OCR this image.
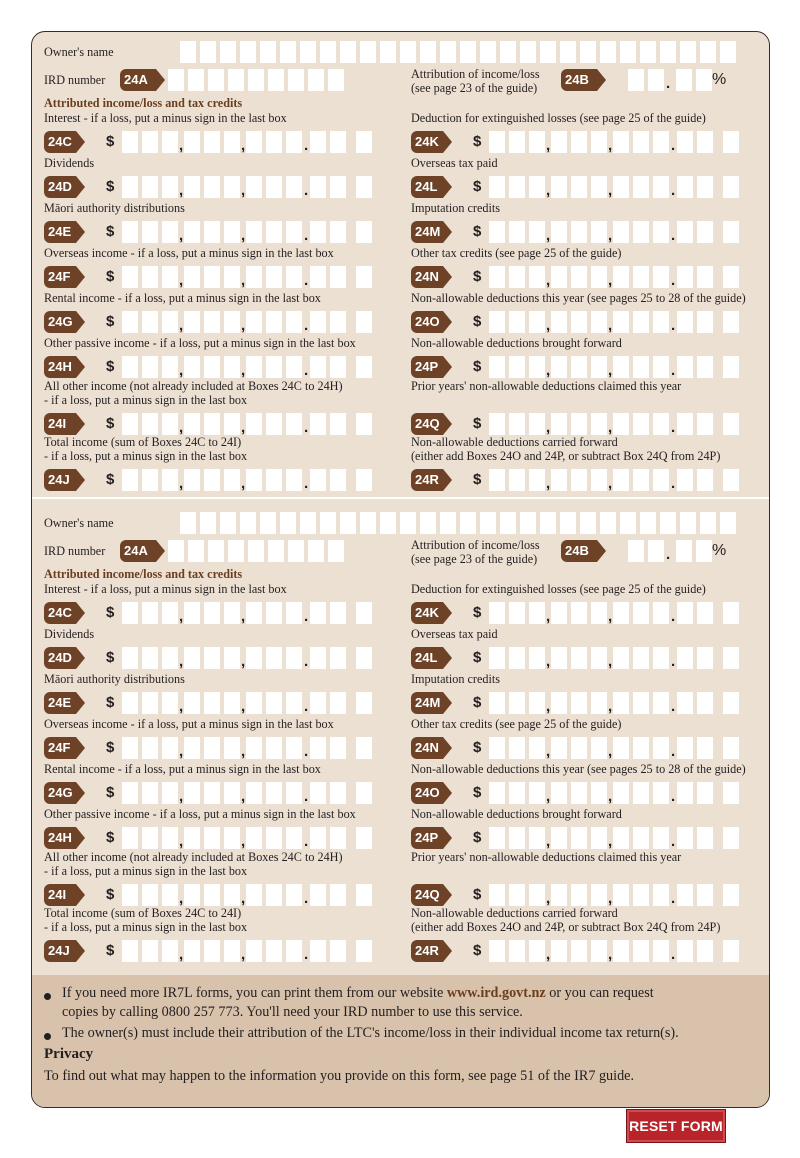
Owner's name
IRD number	24A	Attribution of income/loss
(see page 23 of the guide)
24B	.	%
Attributed income/loss and tax credits
Interest - if a loss, put a minus sign in the last box
24C $	,	,	.
Dividends
24D $	,	,	.
Māori authority distributions
24E	$	,	,	.
Overseas income - if a loss, put a minus sign in the last box
24F	$	,	,	.
Rental income - if a loss, put a minus sign in the last box
24G $	,	,	.
Other passive income - if a loss, put a minus sign in the last box
24H $	,	,	.
All other income (not already included at Boxes 24C to 24H)
- if a loss, put a minus sign in the last box
24I	$	,	,	.
Total income (sum of Boxes 24C to 24I)
- if a loss, put a minus sign in the last box
24J	$	,	,	.
Deduction for extinguished losses (see page 25 of the guide)
24K $	,	,	.
Overseas tax paid
24L	$	,	,	.
Imputation credits
24M $	,	,	.
Other tax credits (see page 25 of the guide)
24N $	,	,	.
Non-allowable deductions this year (see pages 25 to 28 of the guide)
24O $	,	,	.
Non-allowable deductions brought forward
24P	$	,	,	.
Prior years' non-allowable deductions claimed this year
24Q $	,	,	.
Non-allowable deductions carried forward
(either add Boxes 24O and 24P, or subtract Box 24Q from 24P)
24R $	,	,	.
Owner's name
IRD number	24A	Attribution of income/loss
(see page 23 of the guide)
24B	.	%
Attributed income/loss and tax credits
Interest - if a loss, put a minus sign in the last box
24C $	,	,	.
Dividends
24D $	,	,	.
Māori authority distributions
24E	$	,	,	.
Overseas income - if a loss, put a minus sign in the last box
24F	$	,	,	.
Rental income - if a loss, put a minus sign in the last box
24G $	,	,	.
Other passive income - if a loss, put a minus sign in the last box
24H $	,	,	.
All other income (not already included at Boxes 24C to 24H)
- if a loss, put a minus sign in the last box
24I	$	,	,	.
Total income (sum of Boxes 24C to 24I)
- if a loss, put a minus sign in the last box
24J	$	,	,	.
Deduction for extinguished losses (see page 25 of the guide)
24K $	,	,	.
Overseas tax paid
24L	$	,	,	.
Imputation credits
24M $	,	,	.
Other tax credits (see page 25 of the guide)
24N $	,	,	.
Non-allowable deductions this year (see pages 25 to 28 of the guide)
24O $	,	,	.
Non-allowable deductions brought forward
24P	$	,	,	.
Prior years' non-allowable deductions claimed this year
24Q $	,	,	.
Non-allowable deductions carried forward
(either add Boxes 24O and 24P, or subtract Box 24Q from 24P)
24R $	,	,	.
If you need more IR7L forms, you can print them from our website www.ird.govt.nz or you can request
copies by calling 0800 257 773. You'll need your IRD number to use this service.
The owner(s) must include their attribution of the LTC's income/loss in their individual income tax return(s).
Privacy
To find out what may happen to the information you provide on this form, see page 51 of the IR7 guide.
RESET FORM
